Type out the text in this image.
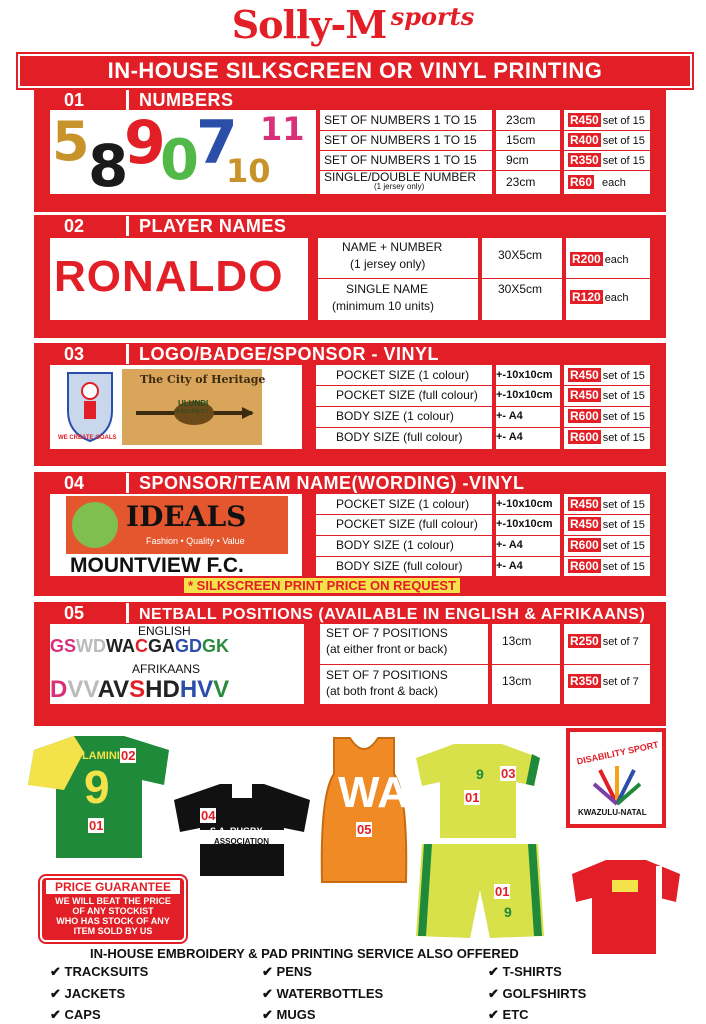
Solly-M sports
IN-HOUSE SILKSCREEN OR VINYL PRINTING
01	NUMBERS
5
8
9
0
7
10
11 SET OF NUMBERS 1 TO 15 23cm	R450 set of 15
SET OF NUMBERS 1 TO 15 15cm	R400 set of 15
SET OF NUMBERS 1 TO 15 9cm	R350 set of 15
SINGLE/DOUBLE NUMBER
(1 jersey only)	23cm	R60 each
02	PLAYER NAMES
RONALDO
NAME + NUMBER
(1 jersey only)
30X5cm R200 each
SINGLE NAME
(minimum 10 units)
30X5cm
R120 each
03	LOGO/BADGE/SPONSOR - VINYL
WE CREATE GOALS
The City of Heritage
ULUNDI
MUNICIPALITY
POCKET SIZE (1 colour) +-10x10cm R450 set of 15
POCKET SIZE (full colour) +-10x10cm R450 set of 15
BODY SIZE (1 colour)	+- A4	R600 set of 15
BODY SIZE (full colour)	+- A4	R600 set of 15
04	SPONSOR/TEAM NAME(WORDING) -VINYL
IDEALS
Fashion • Quality • Value
MOUNTVIEW F.C.
POCKET SIZE (1 colour) +-10x10cm R450 set of 15
POCKET SIZE (full colour) +-10x10cm R450 set of 15
BODY SIZE (1 colour)	+- A4	R600 set of 15
BODY SIZE (full colour)	+- A4	R600 set of 15
* SILKSCREEN PRINT PRICE ON REQUEST
05	NETBALL POSITIONS (AVAILABLE IN ENGLISH & AFRIKAANS)
ENGLISH
GSWDWACGAGDGK
AFRIKAANS
DVVAVSHDHVV
SET OF 7 POSITIONS
(at either front or back)
13cm	R250 set of 7
SET OF 7 POSITIONS
(at both front & back)
13cm	R350 set of 7
DLAMINI 02
9
01
04
S.A. RUGBY
ASSOCIATION
WA
05
03
9
01
01
9
DISABILITY SPORT
KWAZULU-NATAL
PRICE GUARANTEE
WE WILL BEAT THE PRICE
OF ANY STOCKIST
WHO HAS STOCK OF ANY
ITEM SOLD BY US
IN-HOUSE EMBROIDERY & PAD PRINTING SERVICE ALSO OFFERED
✔ TRACKSUITS
✔ JACKETS
✔ CAPS
✔ PENS
✔ WATERBOTTLES
✔ MUGS
✔ T-SHIRTS
✔ GOLFSHIRTS
✔ ETC
